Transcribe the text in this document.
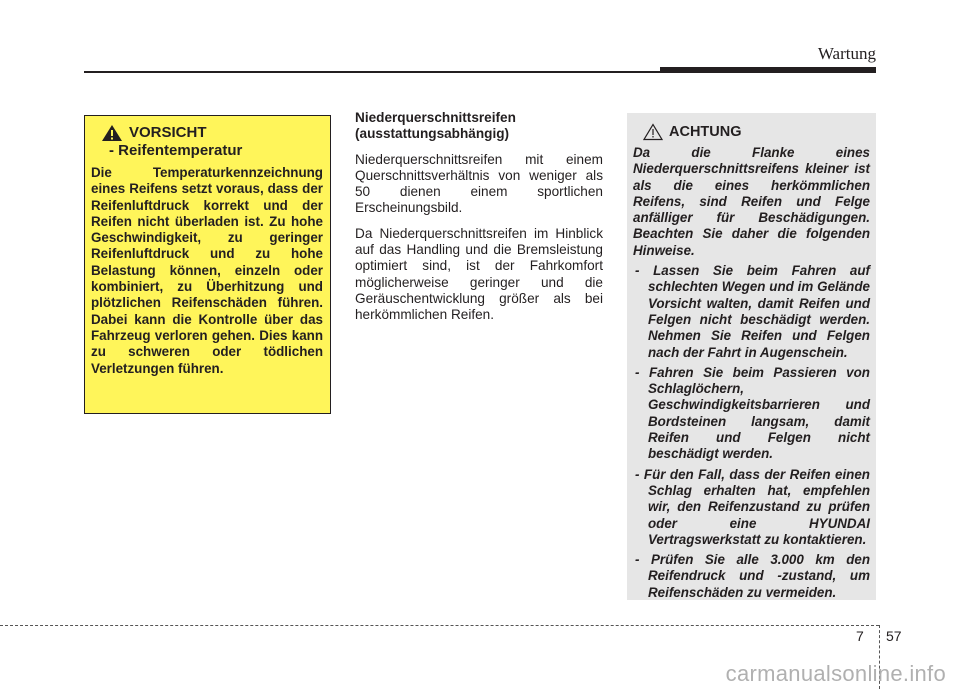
Wartung
VORSICHT
- Reifentemperatur
Die Temperaturkennzeichnung eines Reifens setzt voraus, dass der Reifenluftdruck korrekt und der Reifen nicht überladen ist. Zu hohe Geschwindigkeit, zu geringer Reifenluftdruck und zu hohe Belastung können, einzeln oder kombiniert, zu Überhitzung und plötzlichen Reifenschäden führen. Dabei kann die Kontrolle über das Fahrzeug verloren gehen. Dies kann zu schweren oder tödlichen Verletzungen führen.
Niederquerschnittsreifen (ausstattungsabhängig)

Niederquerschnittsreifen mit einem Querschnittsverhältnis von weniger als 50 dienen einem sportlichen Erscheinungsbild.

Da Niederquerschnittsreifen im Hinblick auf das Handling und die Bremsleistung optimiert sind, ist der Fahrkomfort möglicherweise geringer und die Geräuschentwicklung größer als bei herkömmlichen Reifen.

ACHTUNG
Da die Flanke eines Niederquerschnittsreifens kleiner ist als die eines herkömmlichen Reifens, sind Reifen und Felge anfälliger für Beschädigungen. Beachten Sie daher die folgenden Hinweise.
- Lassen Sie beim Fahren auf schlechten Wegen und im Gelände Vorsicht walten, damit Reifen und Felgen nicht beschädigt werden. Nehmen Sie Reifen und Felgen nach der Fahrt in Augenschein.
- Fahren Sie beim Passieren von Schlaglöchern, Geschwindigkeitsbarrieren und Bordsteinen langsam, damit Reifen und Felgen nicht beschädigt werden.
- Für den Fall, dass der Reifen einen Schlag erhalten hat, empfehlen wir, den Reifenzustand zu prüfen oder eine HYUNDAI Vertragswerkstatt zu kontaktieren.
- Prüfen Sie alle 3.000 km den Reifendruck und -zustand, um Reifenschäden zu vermeiden.
7 57
carmanualsonline.info
